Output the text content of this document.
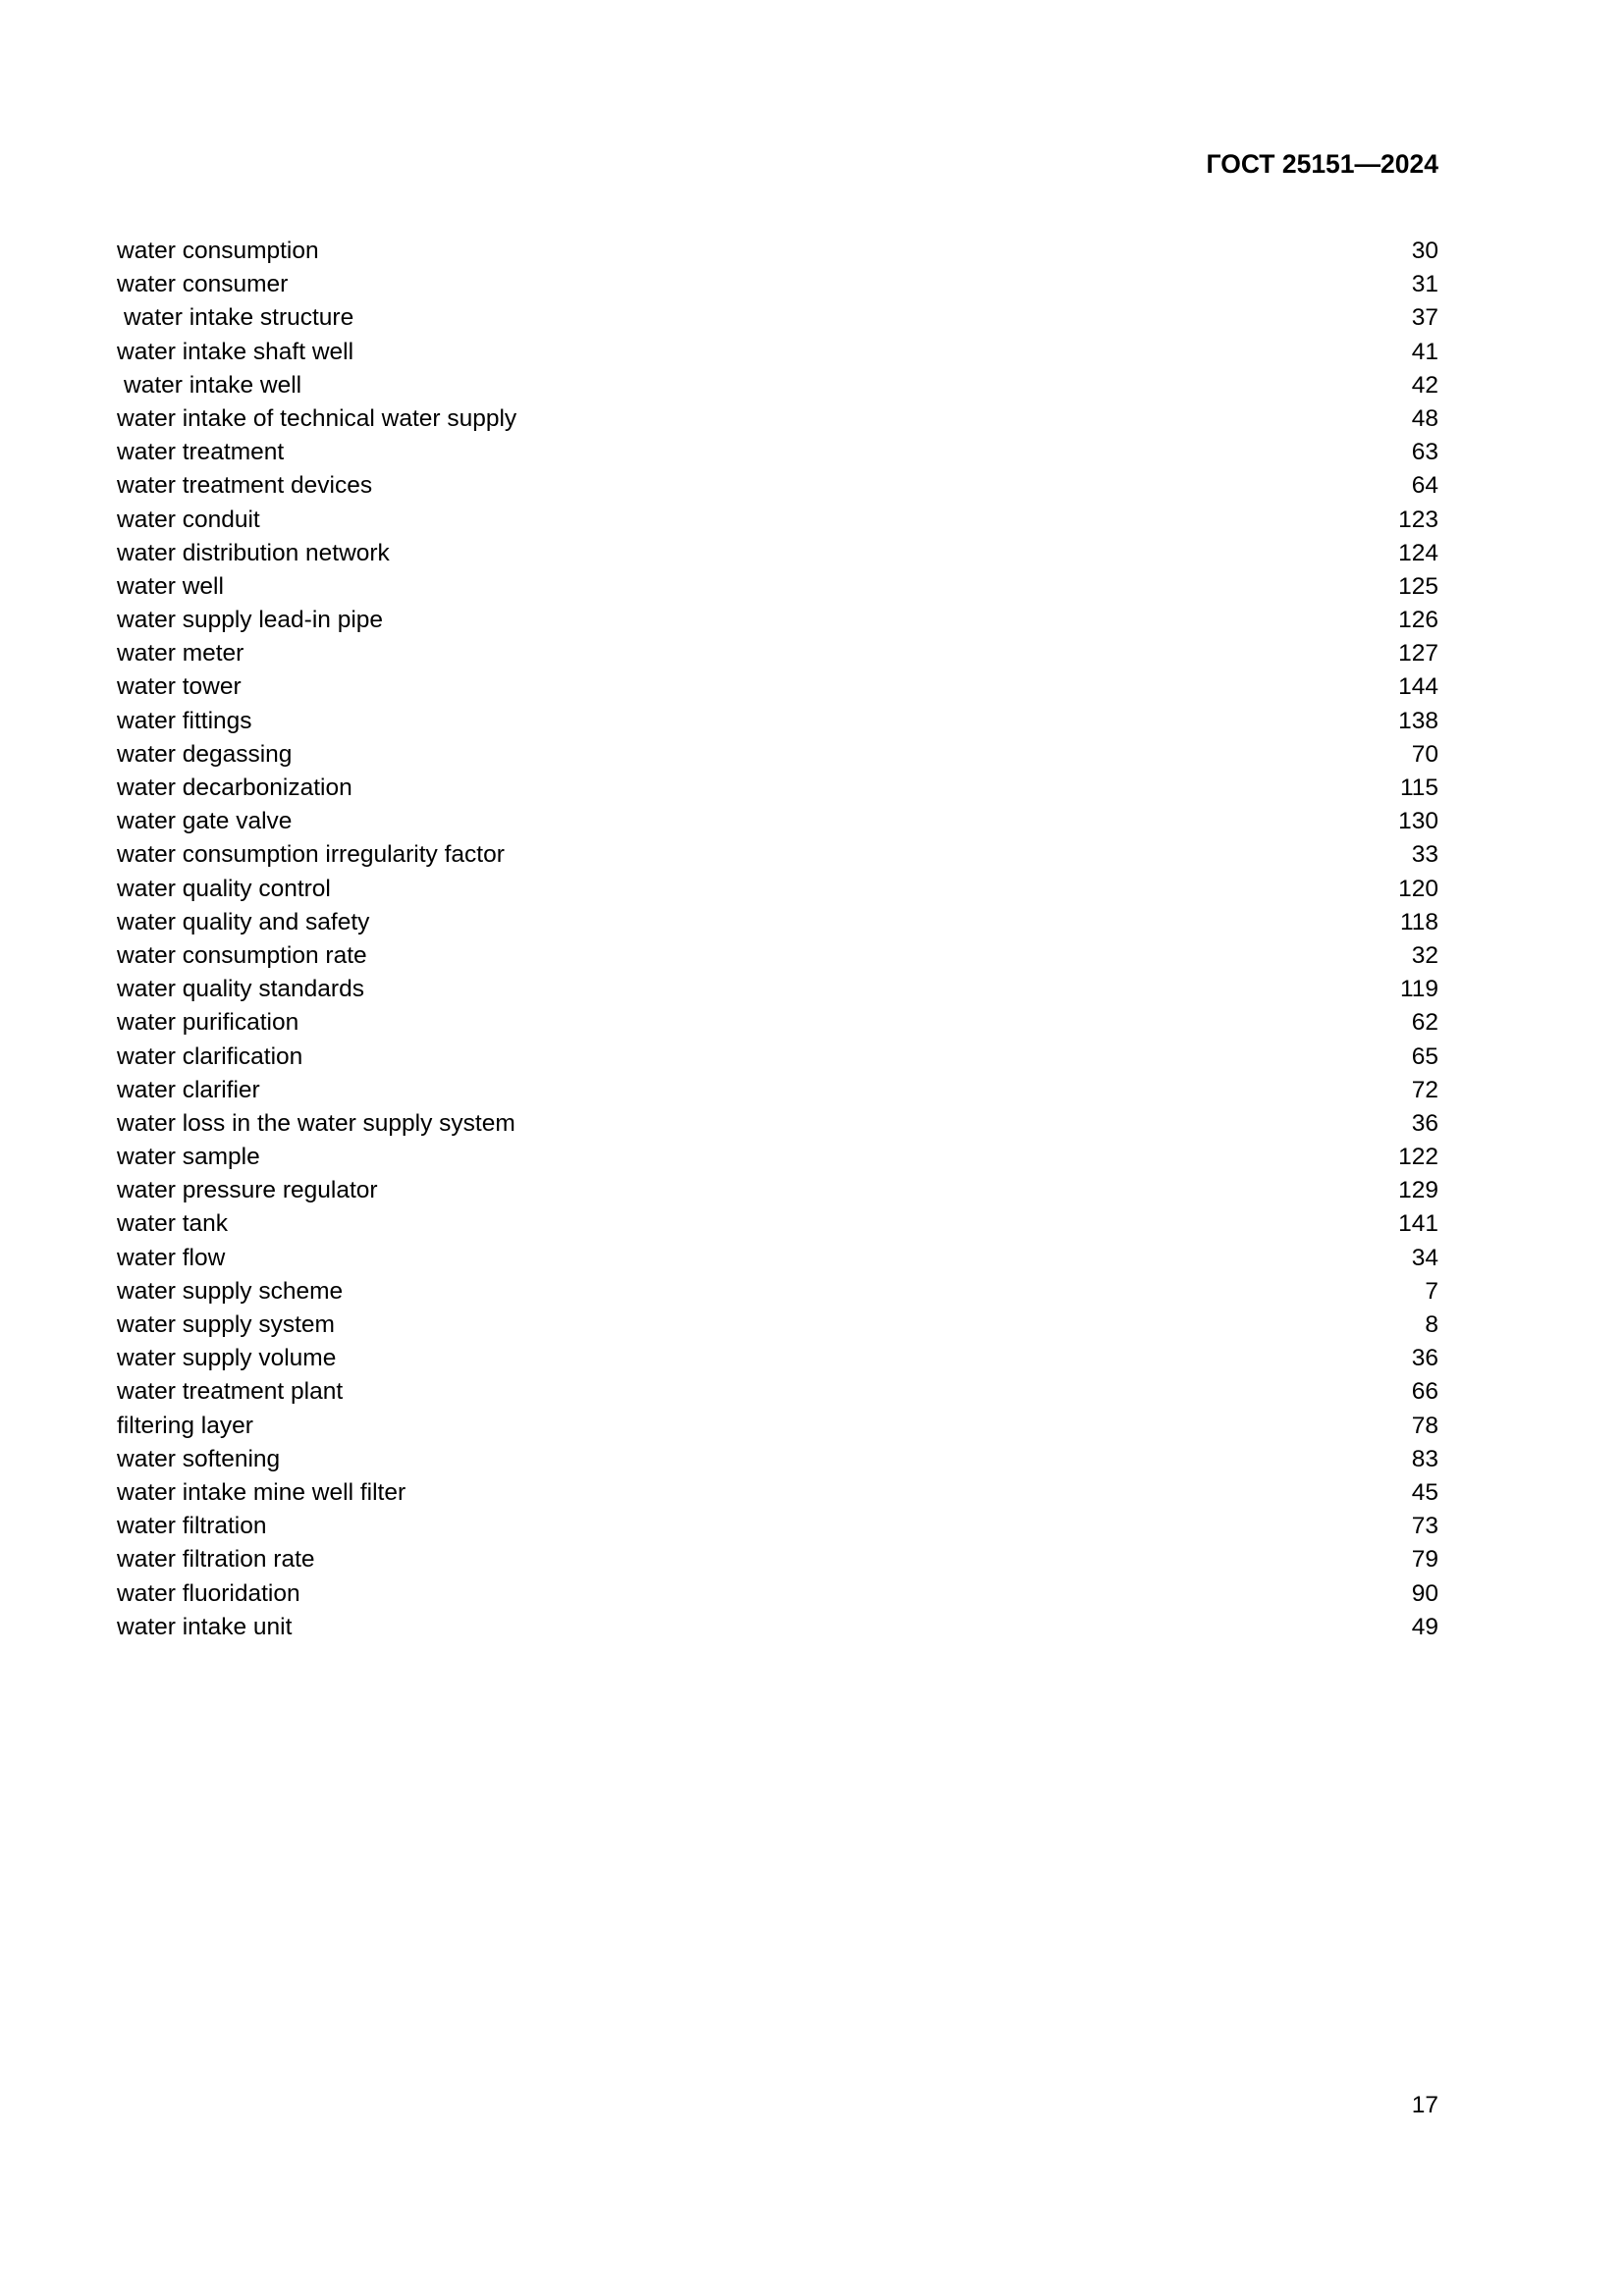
ГОСТ 25151—2024
water consumption	30
water consumer	31
water intake structure	37
water intake shaft well	41
water intake well	42
water intake of technical water supply	48
water treatment	63
water treatment devices	64
water conduit	123
water distribution network	124
water well	125
water supply lead-in pipe	126
water meter	127
water tower	144
water fittings	138
water degassing	70
water decarbonization	115
water gate valve	130
water consumption irregularity factor	33
water quality control	120
water quality and safety	118
water consumption rate	32
water quality standards	119
water purification	62
water clarification	65
water clarifier	72
water loss in the water supply system	36
water sample	122
water pressure regulator	129
water tank	141
water flow	34
water supply scheme	7
water supply system	8
water supply volume	36
water treatment plant	66
filtering layer	78
water softening	83
water intake mine well filter	45
water filtration	73
water filtration rate	79
water fluoridation	90
water intake unit	49
17
